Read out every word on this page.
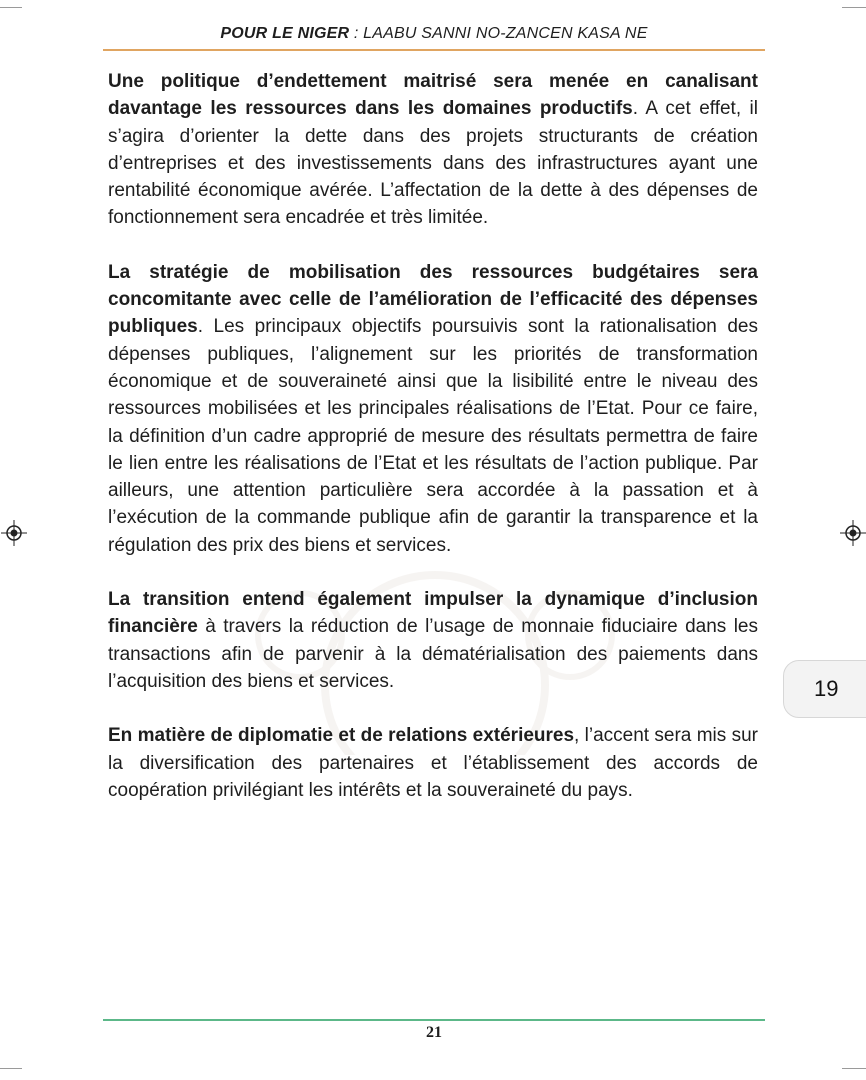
POUR LE NIGER : LAABU SANNI NO-ZANCEN KASA NE

Une politique d’endettement maitrisé sera menée en canalisant davantage les ressources dans les domaines productifs. A cet effet, il s’agira d’orienter la dette dans des projets structurants de création d’entreprises et des investissements dans des infrastructures ayant une rentabilité économique avérée. L’affectation de la dette à des dépenses de fonctionnement sera encadrée et très limitée.

La stratégie de mobilisation des ressources budgétaires sera concomitante avec celle de l’amélioration de l’efficacité des dépenses publiques. Les principaux objectifs poursuivis sont la rationalisation des dépenses publiques, l’alignement sur les priorités de transformation économique et de souveraineté ainsi que la lisibilité entre le niveau des ressources mobilisées et les principales réalisations de l’Etat. Pour ce faire, la définition d’un cadre approprié de mesure des résultats permettra de faire le lien entre les réalisations de l’Etat et les résultats de l’action publique. Par ailleurs, une attention particulière sera accordée à la passation et à l’exécution de la commande publique afin de garantir la transparence et la régulation des prix des biens et services.

La transition entend également impulser la dynamique d’inclusion financière à travers la réduction de l’usage de monnaie fiduciaire dans les transactions afin de parvenir à la dématérialisation des paiements dans l’acquisition des biens et services.

En matière de diplomatie et de relations extérieures, l’accent sera mis sur la diversification des partenaires et l’établissement des accords de coopération privilégiant les intérêts et la souveraineté du pays.

19
21
